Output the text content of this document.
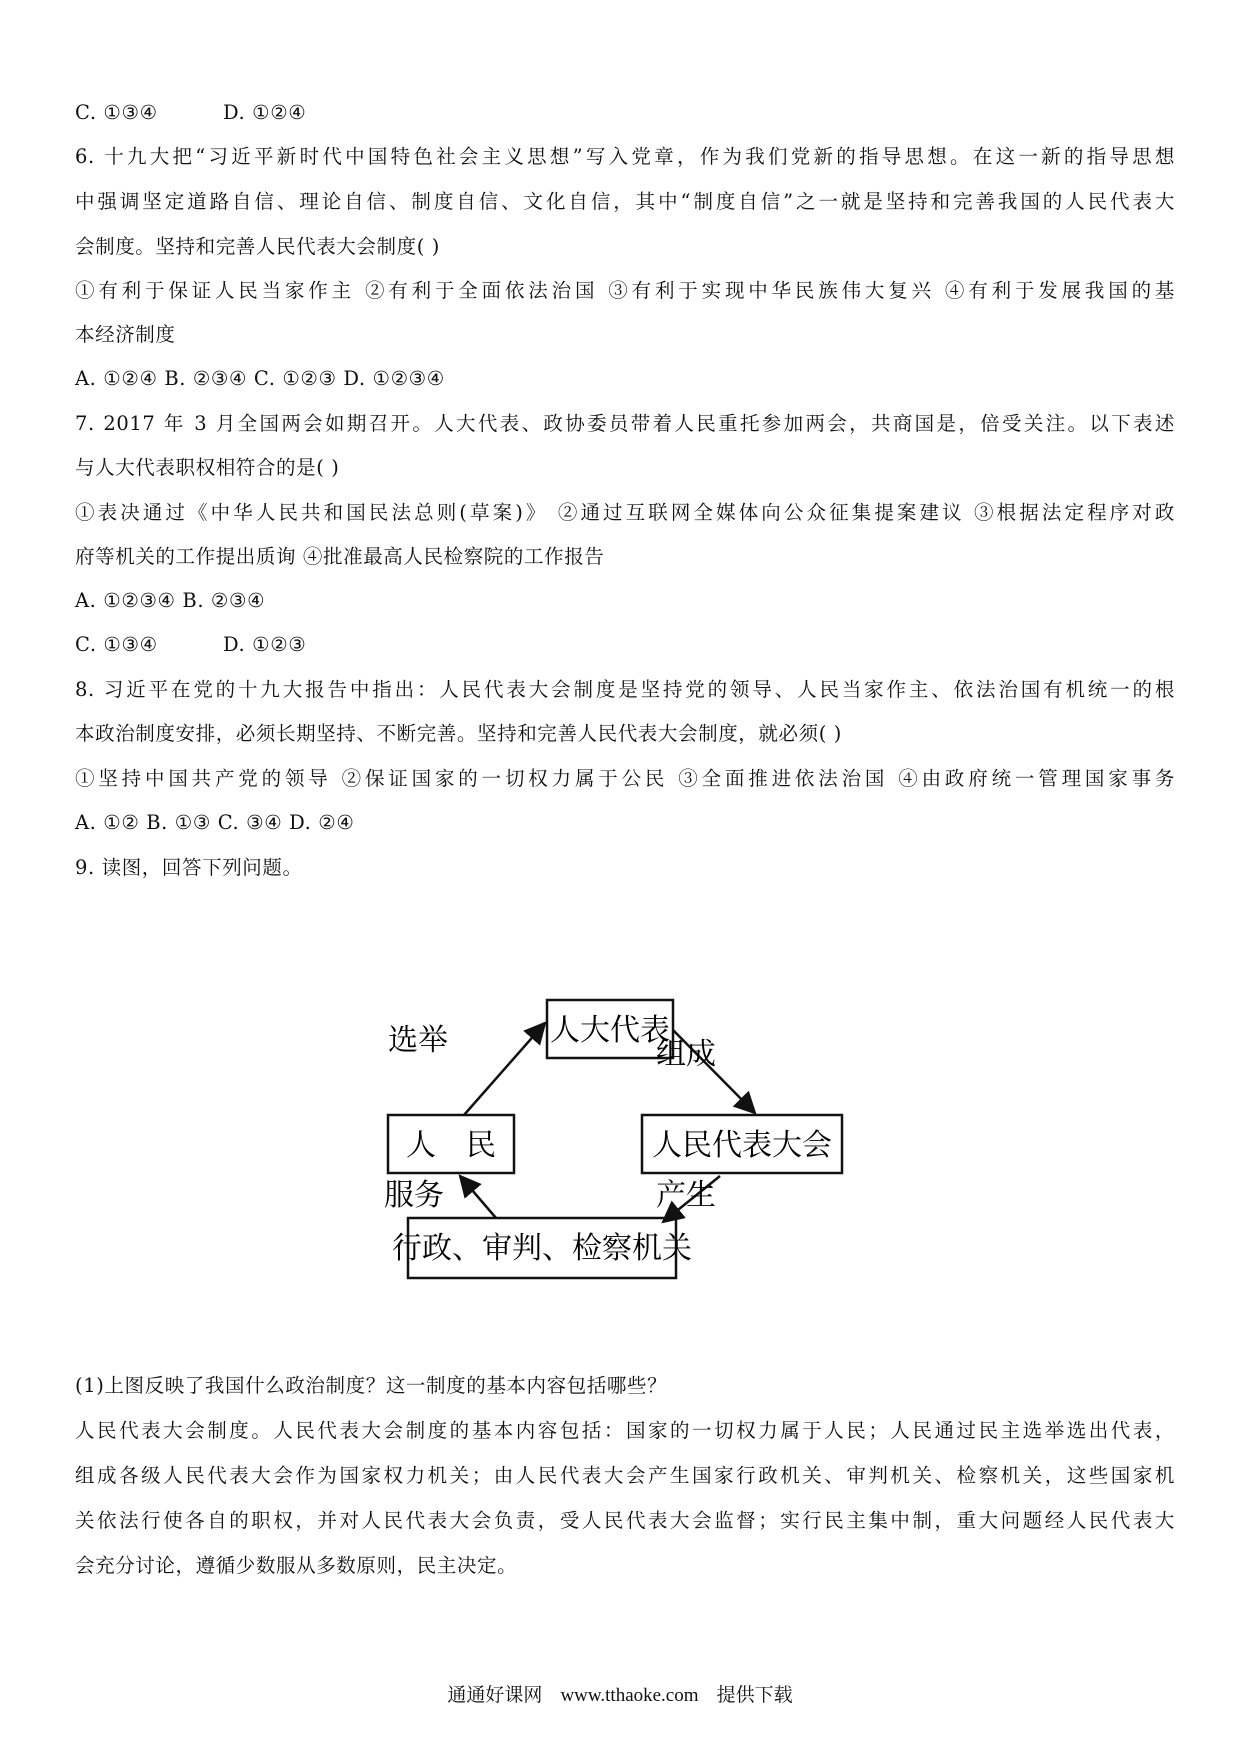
C. ①③④	D. ①②④
6. 十九大把“习近平新时代中国特色社会主义思想”写入党章，作为我们党新的指导思想。在这一新的指导思想
中强调坚定道路自信、理论自信、制度自信、文化自信，其中“制度自信”之一就是坚持和完善我国的人民代表大
会制度。坚持和完善人民代表大会制度( )
①有利于保证人民当家作主 ②有利于全面依法治国 ③有利于实现中华民族伟大复兴 ④有利于发展我国的基
本经济制度
A. ①②④ B. ②③④ C. ①②③ D. ①②③④
7. 2017 年 3 月全国两会如期召开。人大代表、政协委员带着人民重托参加两会，共商国是，倍受关注。以下表述
与人大代表职权相符合的是( )
①表决通过《中华人民共和国民法总则(草案)》 ②通过互联网全媒体向公众征集提案建议 ③根据法定程序对政
府等机关的工作提出质询 ④批准最高人民检察院的工作报告
A. ①②③④ B. ②③④
C. ①③④	D. ①②③
8. 习近平在党的十九大报告中指出：人民代表大会制度是坚持党的领导、人民当家作主、依法治国有机统一的根
本政治制度安排，必须长期坚持、不断完善。坚持和完善人民代表大会制度，就必须( )
①坚持中国共产党的领导 ②保证国家的一切权力属于公民 ③全面推进依法治国 ④由政府统一管理国家事务
A. ①② B. ①③ C. ③④ D. ②④
9. 读图，回答下列问题。
人大代表
人　民	人民代表大会
行政、审判、检察机关
选举	组成
产生
服务
(1)上图反映了我国什么政治制度？这一制度的基本内容包括哪些？
人民代表大会制度。人民代表大会制度的基本内容包括：国家的一切权力属于人民；人民通过民主选举选出代表，
组成各级人民代表大会作为国家权力机关；由人民代表大会产生国家行政机关、审判机关、检察机关，这些国家机
关依法行使各自的职权，并对人民代表大会负责，受人民代表大会监督；实行民主集中制，重大问题经人民代表大
会充分讨论，遵循少数服从多数原则，民主决定。
通通好课网 www.tthaoke.com 提供下载
